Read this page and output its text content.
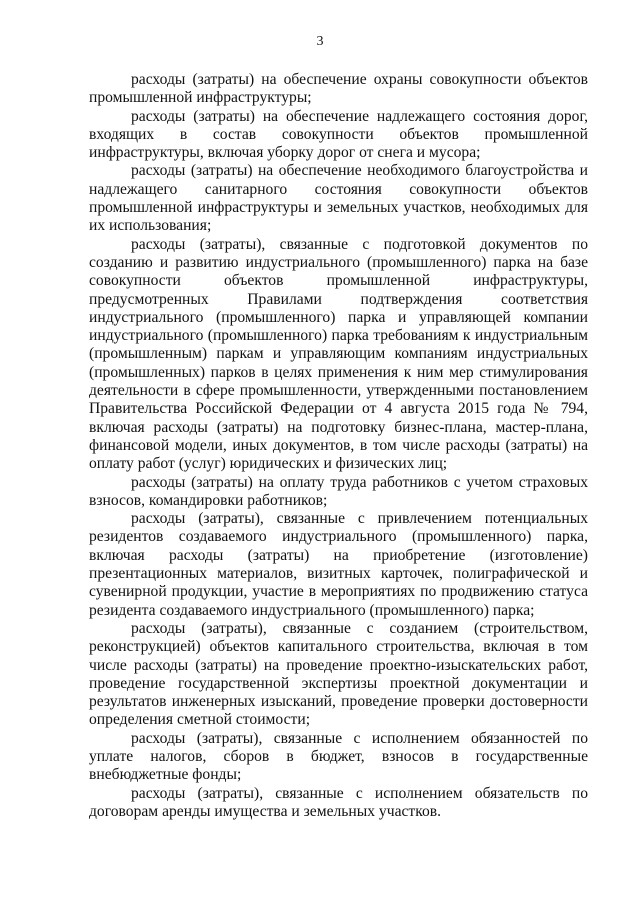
3

расходы (затраты) на обеспечение охраны совокупности объектов промышленной инфраструктуры;

расходы (затраты) на обеспечение надлежащего состояния дорог, входящих в состав совокупности объектов промышленной инфраструктуры, включая уборку дорог от снега и мусора;

расходы (затраты) на обеспечение необходимого благоустройства и надлежащего санитарного состояния совокупности объектов промышленной инфраструктуры и земельных участков, необходимых для их использования;

расходы (затраты), связанные с подготовкой документов по созданию и развитию индустриального (промышленного) парка на базе совокупности объектов промышленной инфраструктуры, предусмотренных Правилами подтверждения соответствия индустриального (промышленного) парка и управляющей компании индустриального (промышленного) парка требованиям к индустриальным (промышленным) паркам и управляющим компаниям индустриальных (промышленных) парков в целях применения к ним мер стимулирования деятельности в сфере промышленности, утвержденными постановлением Правительства Российской Федерации от 4 августа 2015 года № 794, включая расходы (затраты) на подготовку бизнес-плана, мастер-плана, финансовой модели, иных документов, в том числе расходы (затраты) на оплату работ (услуг) юридических и физических лиц;

расходы (затраты) на оплату труда работников с учетом страховых взносов, командировки работников;

расходы (затраты), связанные с привлечением потенциальных резидентов создаваемого индустриального (промышленного) парка, включая расходы (затраты) на приобретение (изготовление) презентационных материалов, визитных карточек, полиграфической и сувенирной продукции, участие в мероприятиях по продвижению статуса резидента создаваемого индустриального (промышленного) парка;

расходы (затраты), связанные с созданием (строительством, реконструкцией) объектов капитального строительства, включая в том числе расходы (затраты) на проведение проектно-изыскательских работ, проведение государственной экспертизы проектной документации и результатов инженерных изысканий, проведение проверки достоверности определения сметной стоимости;

расходы (затраты), связанные с исполнением обязанностей по уплате налогов, сборов в бюджет, взносов в государственные внебюджетные фонды;

расходы (затраты), связанные с исполнением обязательств по договорам аренды имущества и земельных участков.
